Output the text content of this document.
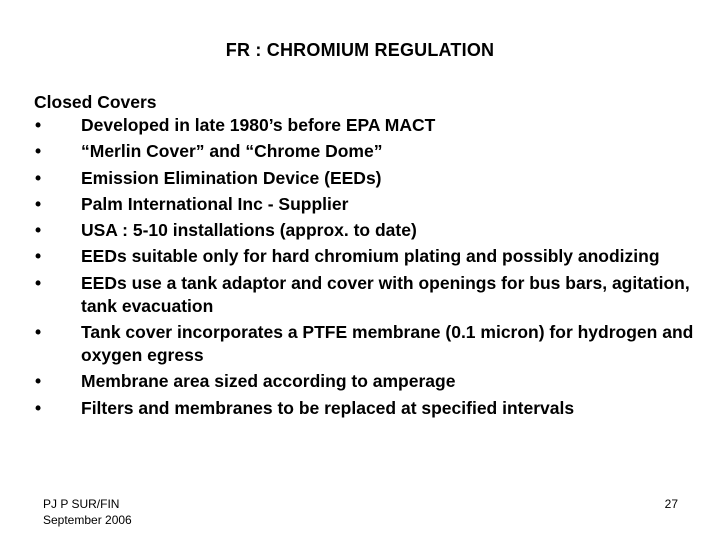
FR : CHROMIUM REGULATION
Closed Covers
•	Developed in late 1980’s before EPA MACT
•	“Merlin Cover” and “Chrome Dome”
•	Emission Elimination Device (EEDs)
•	Palm International Inc - Supplier
•	USA : 5-10 installations (approx. to date)
•	EEDs suitable only for hard chromium plating and possibly anodizing
•	EEDs use a tank adaptor and cover with openings for bus bars, agitation, tank evacuation
•	Tank cover incorporates a PTFE membrane (0.1 micron) for hydrogen and oxygen egress
•	Membrane area sized according to amperage
•	Filters and membranes to be replaced at specified intervals
PJ P SUR/FIN
September 2006
27
